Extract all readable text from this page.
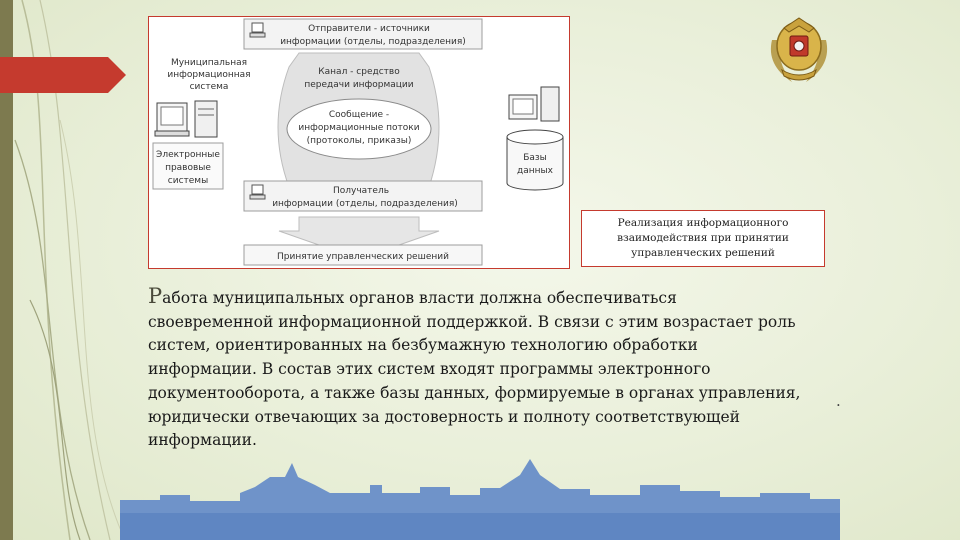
Отправители - источники
информации (отделы, подразделения)
Муниципальная
информационная
система
Канал - средство
передачи информации
Сообщение -
информационные потоки
(протоколы, приказы)
Электронные
правовые
системы
Базы
данных
Получатель
информации (отделы, подразделения)
Принятие управленческих решений
Реализация информационного
взаимодействия при принятии
управленческих решений
Работа муниципальных органов власти должна обеспечиваться
своевременной информационной поддержкой. В связи с этим возрастает роль
систем, ориентированных на безбумажную технологию обработки
информации. В состав этих систем входят программы электронного
документооборота, а также базы данных, формируемые в органах управления,
юридически отвечающих за достоверность и полноту соответствующей
информации.
.
